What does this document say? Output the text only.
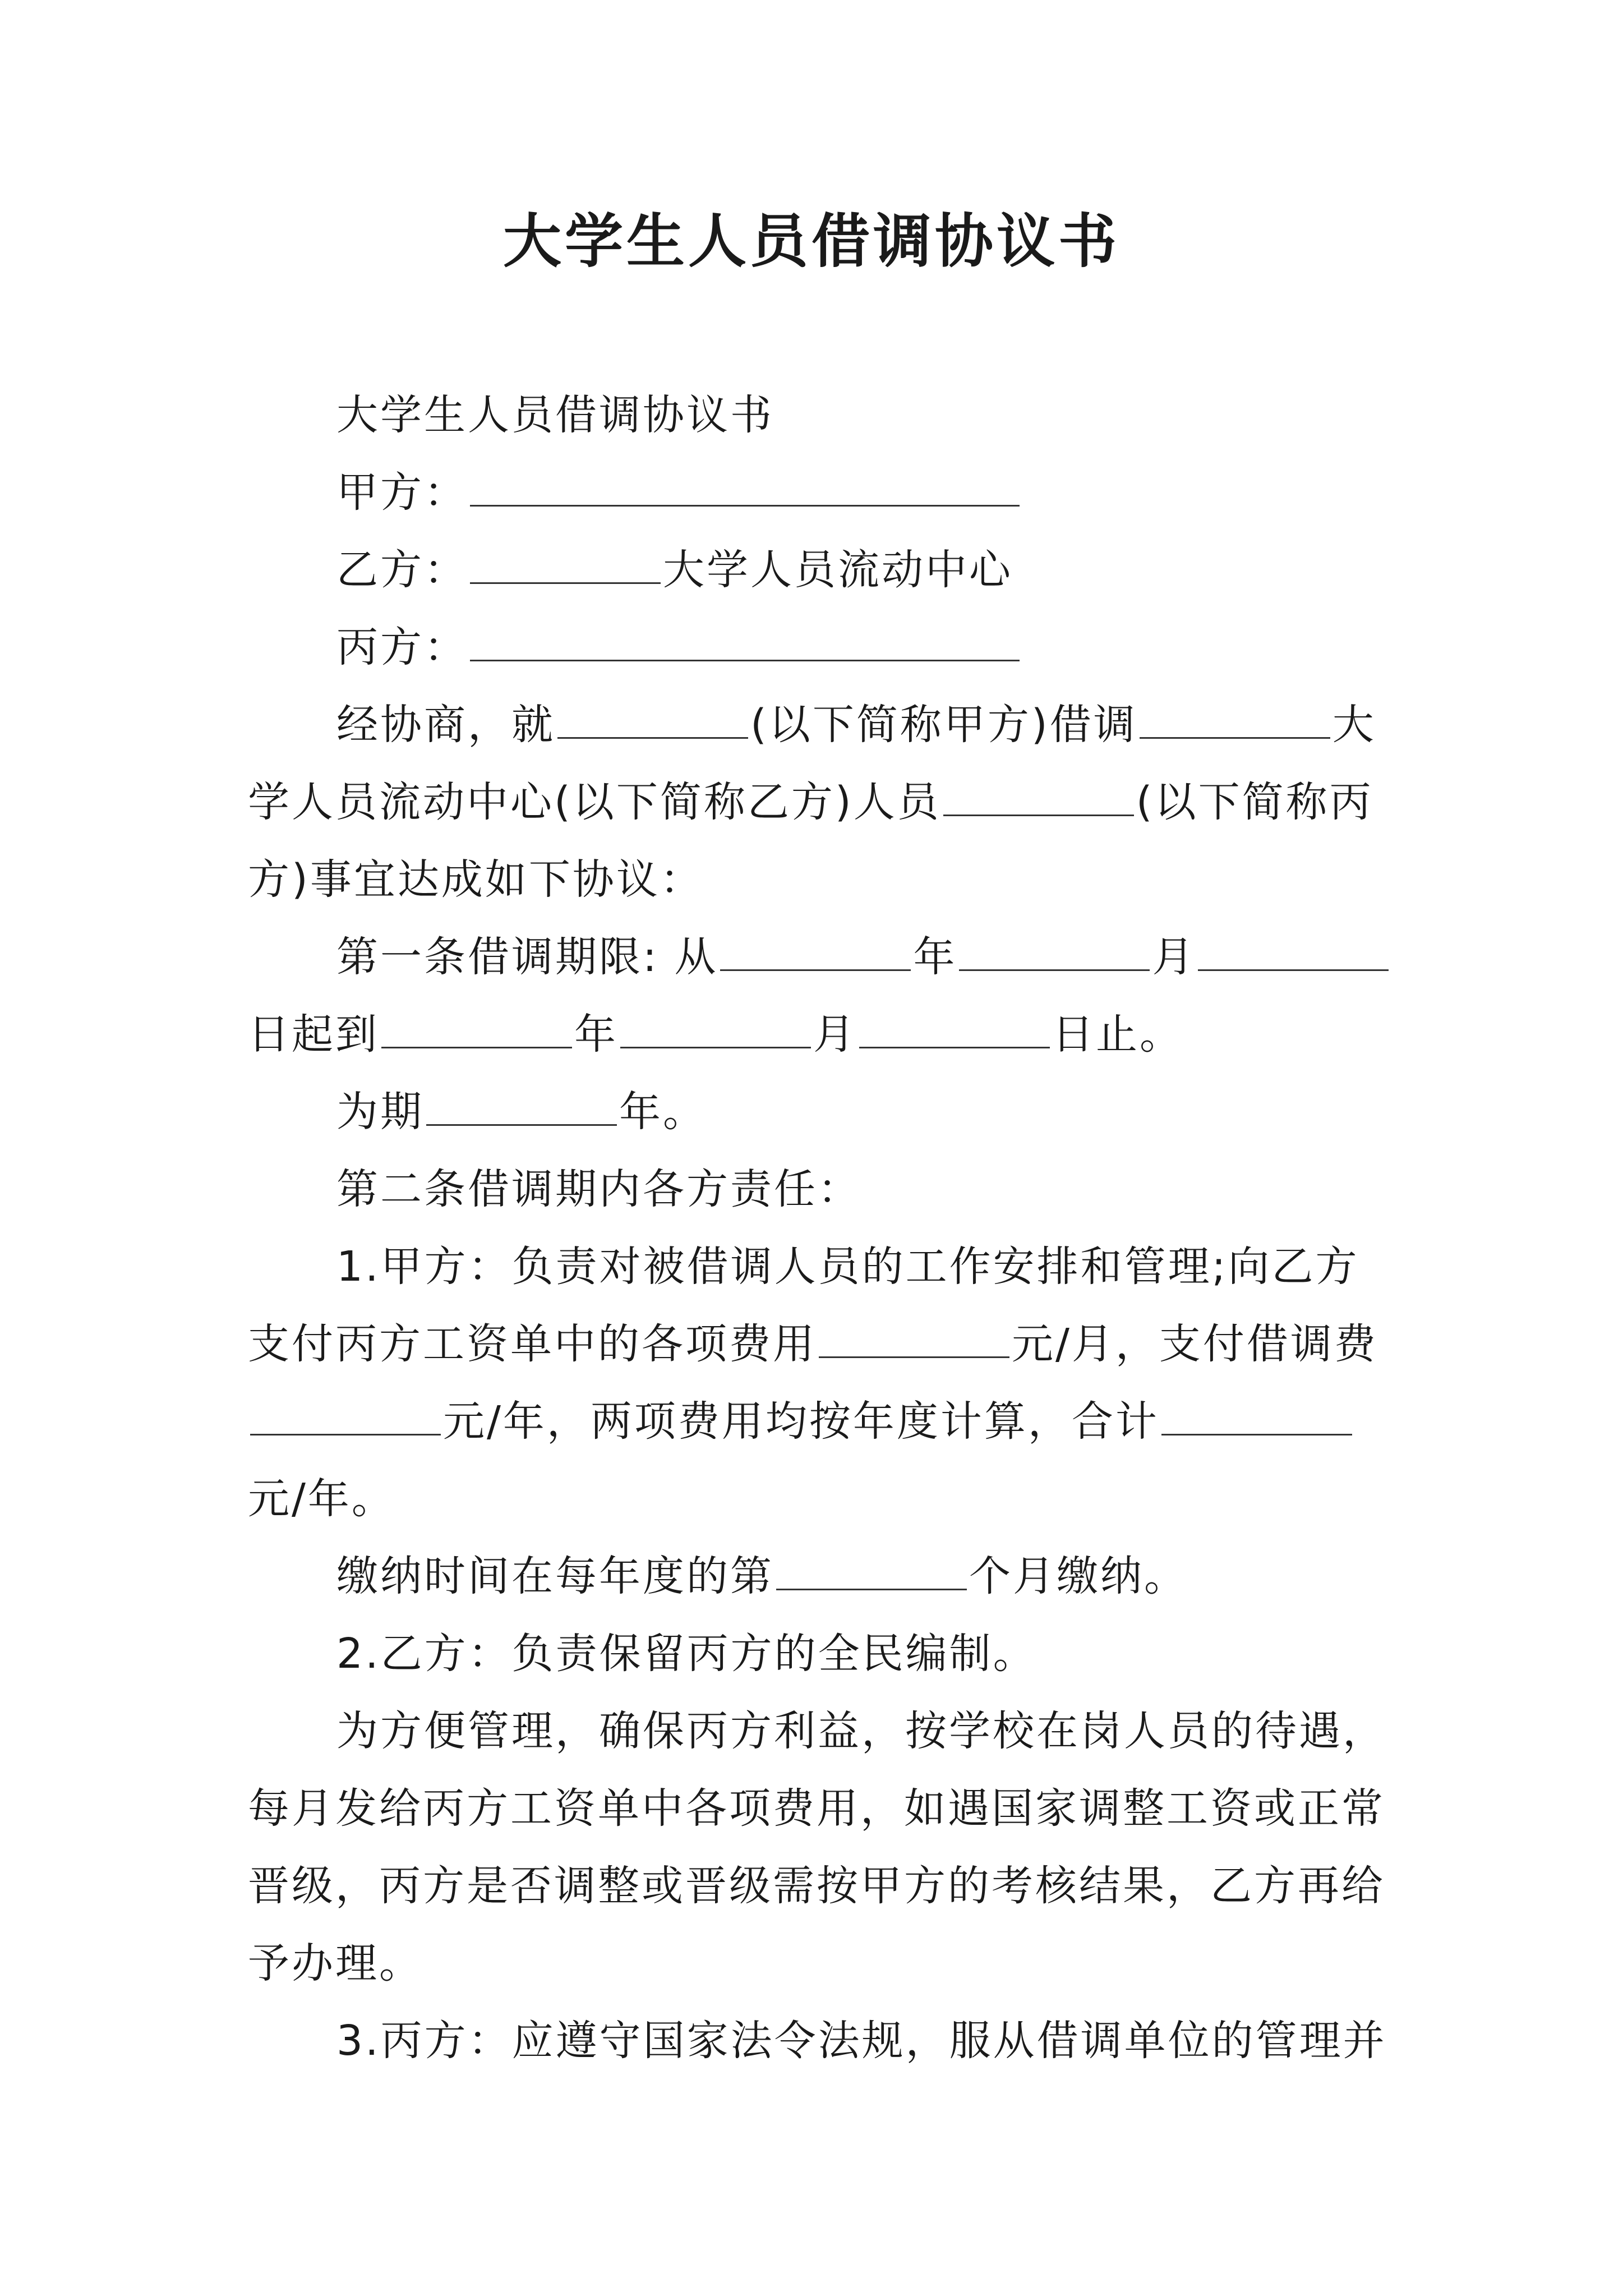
大学生人员借调协议书
大学生人员借调协议书
甲方：
乙方：	大学人员流动中心
丙方：
经协商，就	(以下简称甲方)借调	大
学人员流动中心(以下简称乙方)人员	(以下简称丙
方)事宜达成如下协议：
第一条借调期限: 从	年	月
日起到	年	月	日止。
为期	年。
第二条借调期内各方责任：
1.甲方：负责对被借调人员的工作安排和管理;向乙方
支付丙方工资单中的各项费用	元/月，支付借调费
元/年，两项费用均按年度计算，合计
元/年。
缴纳时间在每年度的第	个月缴纳。
2.乙方：负责保留丙方的全民编制。
为方便管理，确保丙方利益，按学校在岗人员的待遇，
每月发给丙方工资单中各项费用，如遇国家调整工资或正常
晋级，丙方是否调整或晋级需按甲方的考核结果，乙方再给
予办理。
3.丙方：应遵守国家法令法规，服从借调单位的管理并
